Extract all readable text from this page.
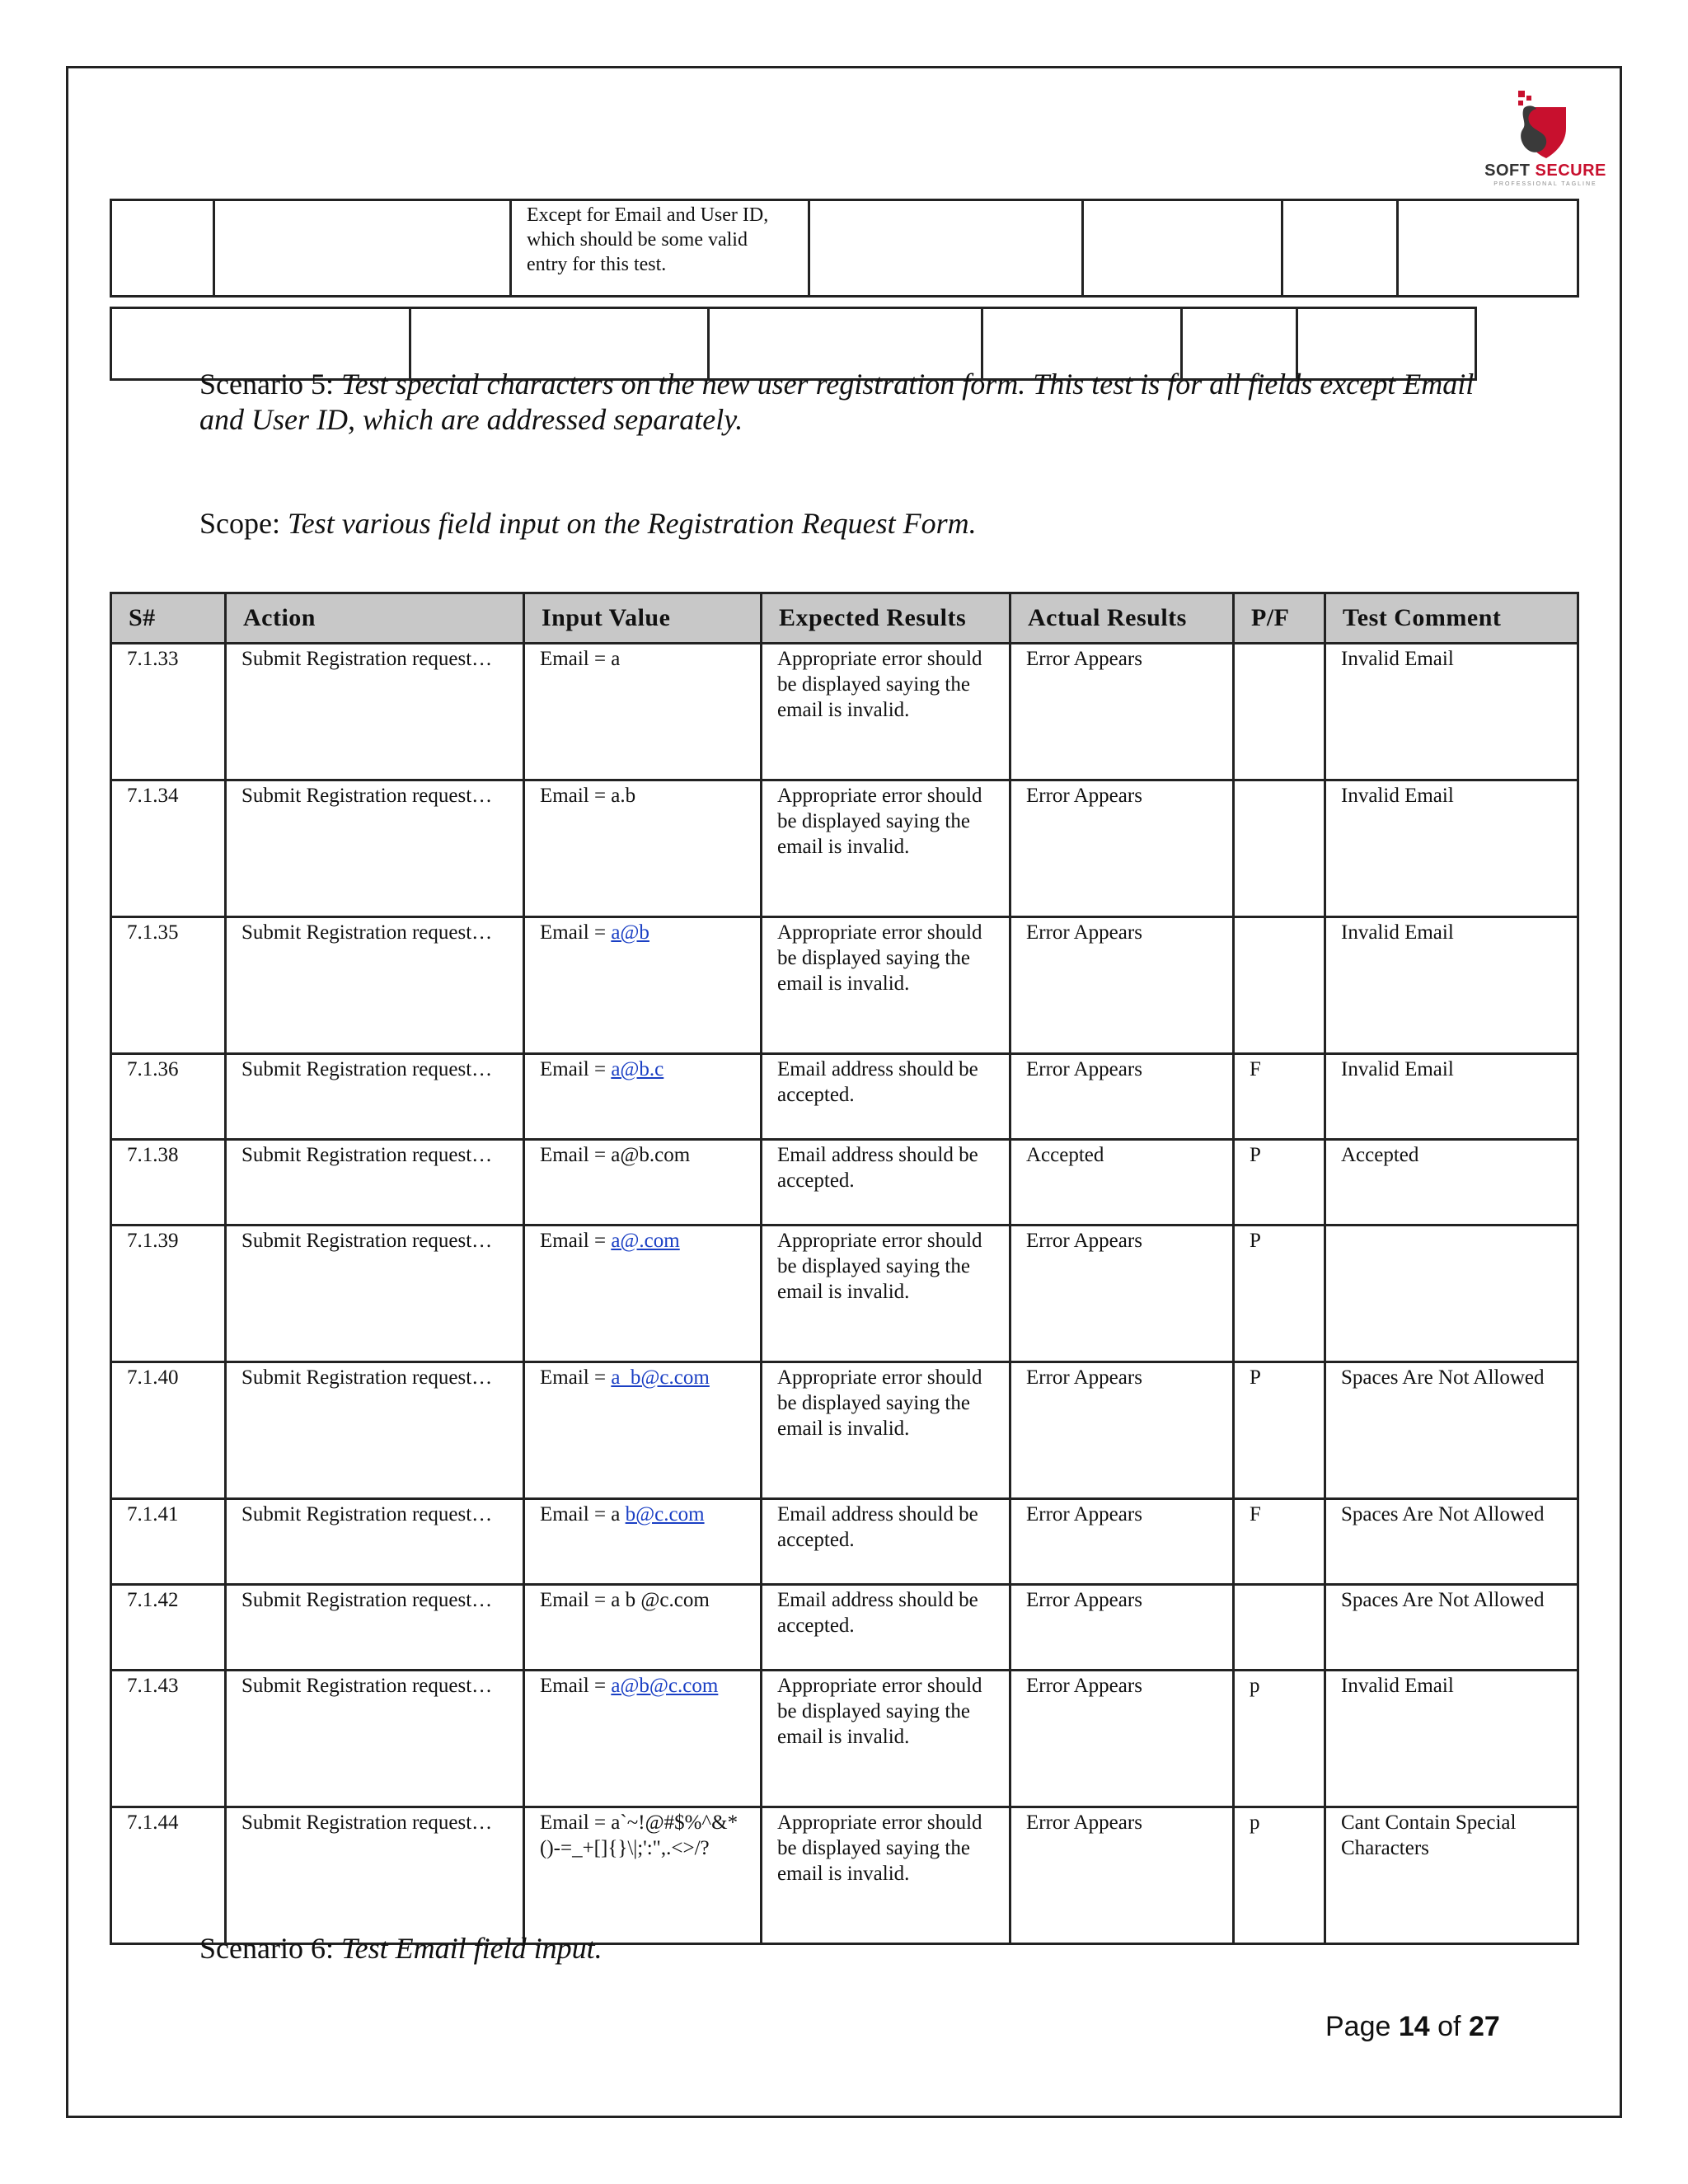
SOFT SECURE
PROFESSIONAL TAGLINE
		Except for Email and User ID, which should be some valid entry for this test.				

Scenario 5: Test special characters on the new user registration form. This test is for all fields except Email and User ID, which are addressed separately.
Scope: Test various field input on the Registration Request Form.
S#	Action	Input Value	Expected Results	Actual Results	P/F	Test Comment
7.1.33	Submit Registration request…	Email = a	Appropriate error should be displayed saying the email is invalid.	Error Appears		Invalid Email
7.1.34	Submit Registration request…	Email = a.b	Appropriate error should be displayed saying the email is invalid.	Error Appears		Invalid Email
7.1.35	Submit Registration request…	Email = a@b	Appropriate error should be displayed saying the email is invalid.	Error Appears		Invalid Email
7.1.36	Submit Registration request…	Email = a@b.c	Email address should be accepted.	Error Appears	F	Invalid Email
7.1.38	Submit Registration request…	Email = a@b.com	Email address should be accepted.	Accepted	P	Accepted
7.1.39	Submit Registration request…	Email = a@.com	Appropriate error should be displayed saying the email is invalid.	Error Appears	P	
7.1.40	Submit Registration request…	Email = a_b@c.com	Appropriate error should be displayed saying the email is invalid.	Error Appears	P	Spaces Are Not Allowed
7.1.41	Submit Registration request…	Email = a b@c.com	Email address should be accepted.	Error Appears	F	Spaces Are Not Allowed
7.1.42	Submit Registration request…	Email = a b @c.com	Email address should be accepted.	Error Appears		Spaces Are Not Allowed
7.1.43	Submit Registration request…	Email = a@b@c.com	Appropriate error should be displayed saying the email is invalid.	Error Appears	p	Invalid Email
7.1.44	Submit Registration request…	Email = a`~!@#$%^&*()-=_+[]{}\|;':",.<>/?	Appropriate error should be displayed saying the email is invalid.	Error Appears	p	Cant Contain Special Characters
Scenario 6: Test Email field input.
Page 14 of 27
